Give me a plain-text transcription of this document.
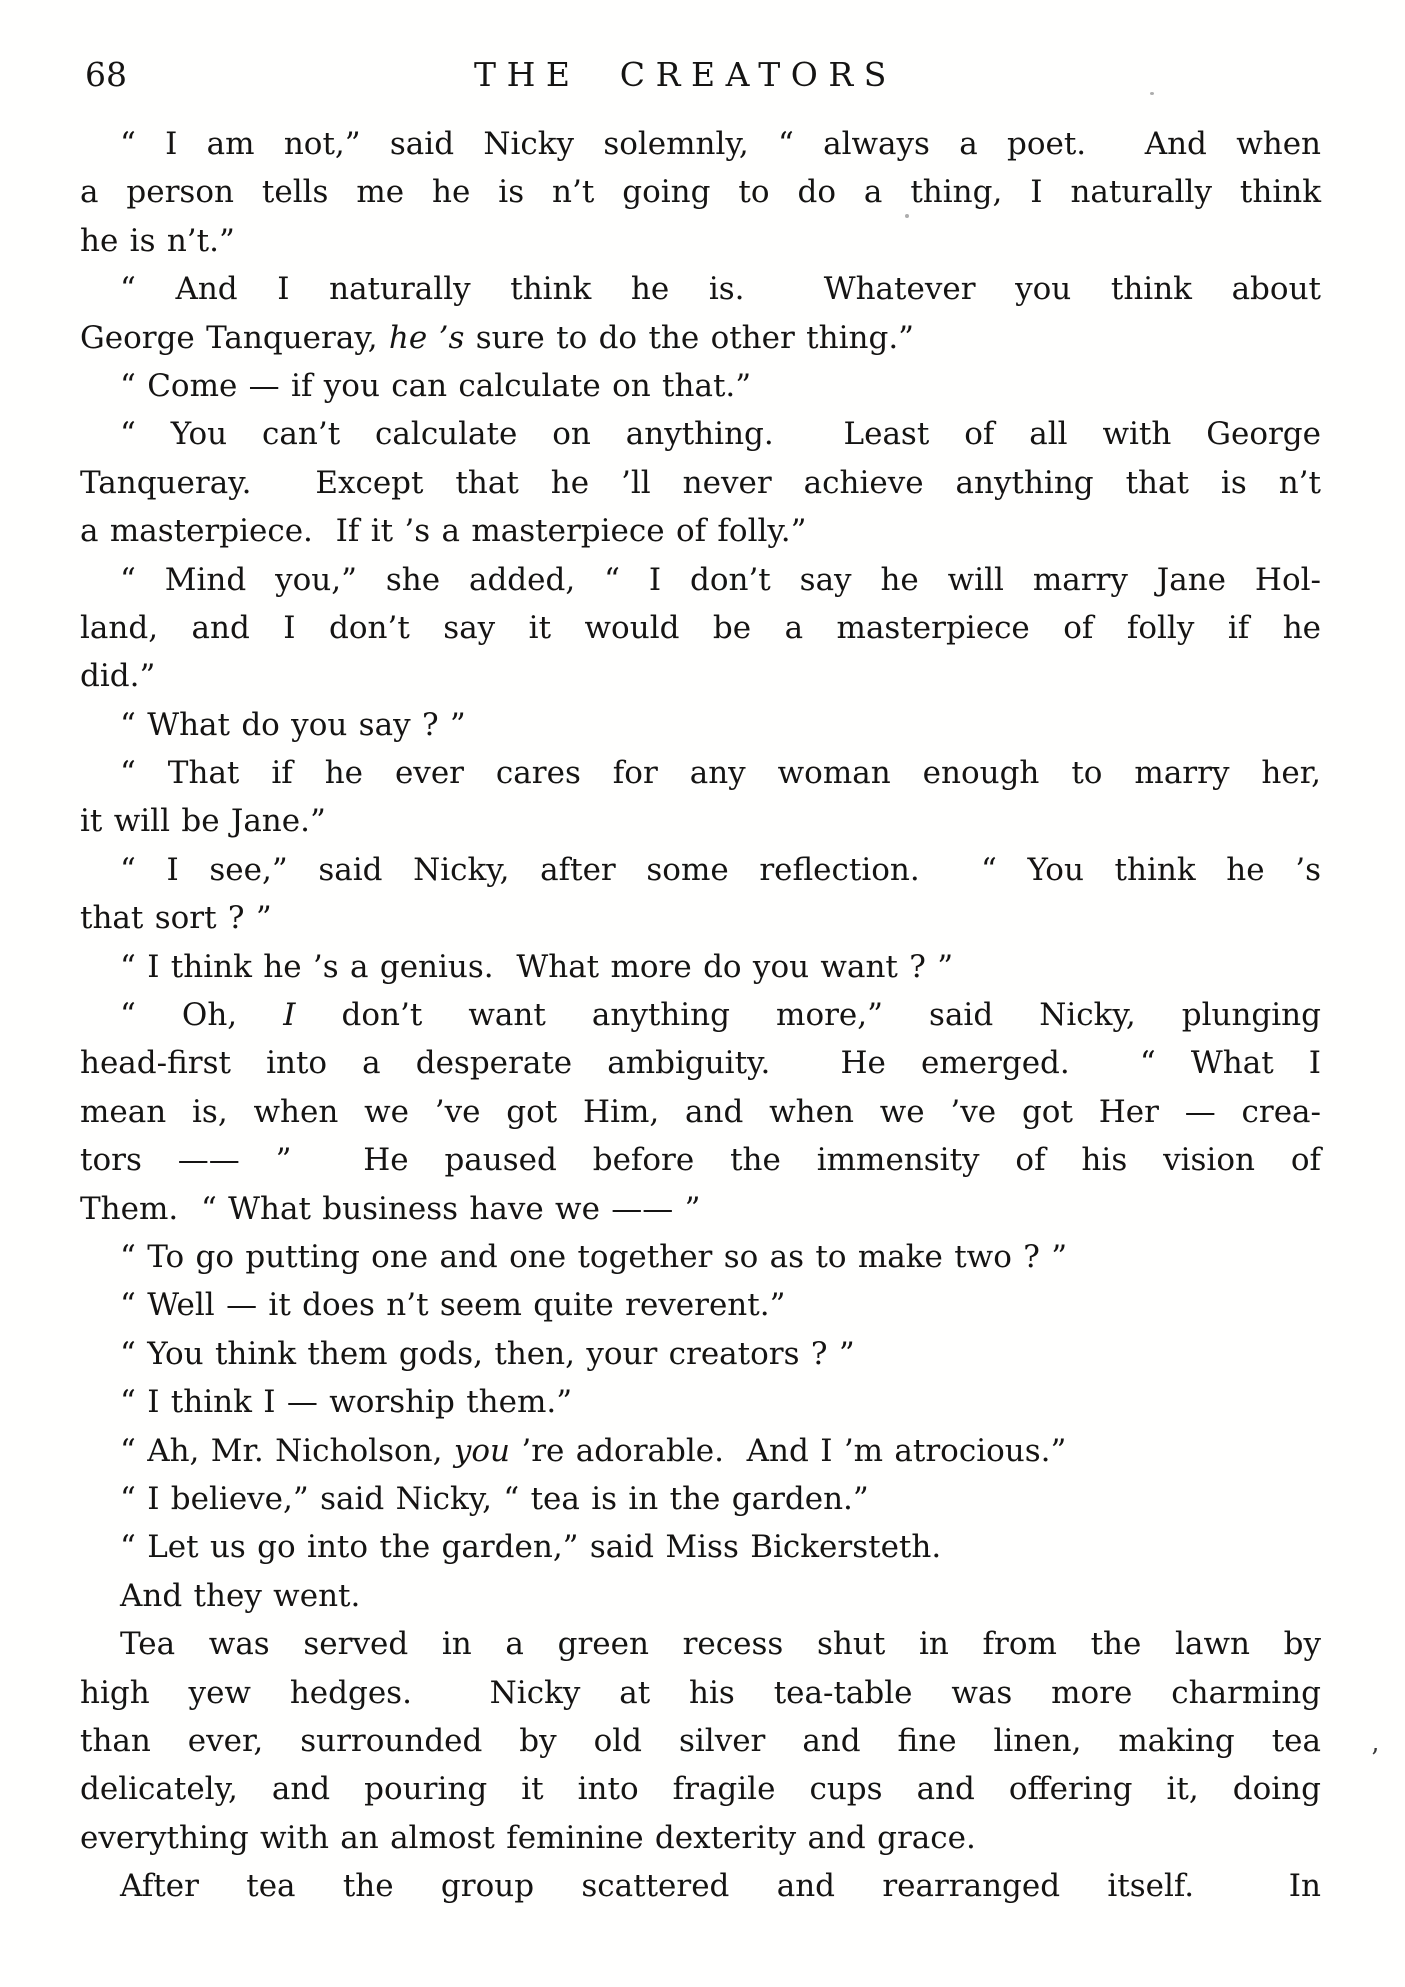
68	THE CREATORS
“ I am not,” said Nicky solemnly, “ always a poet.  And when
a person tells me he is n’t going to do a thing, I naturally think
he is n’t.”
“ And I naturally think he is.  Whatever you think about
George Tanqueray, he ’s sure to do the other thing.”
“ Come — if you can calculate on that.”
“ You can’t calculate on anything.  Least of all with George
Tanqueray.  Except that he ’ll never achieve anything that is n’t
a masterpiece.  If it ’s a masterpiece of folly.”
“ Mind you,” she added, “ I don’t say he will marry Jane Hol-
land, and I don’t say it would be a masterpiece of folly if he
did.”
“ What do you say ? ”
“ That if he ever cares for any woman enough to marry her,
it will be Jane.”
“ I see,” said Nicky, after some reflection.  “ You think he ’s
that sort ? ”
“ I think he ’s a genius.  What more do you want ? ”
“ Oh, I don’t want anything more,” said Nicky, plunging
head-first into a desperate ambiguity.  He emerged.  “ What I
mean is, when we ’ve got Him, and when we ’ve got Her — crea-
tors —— ”  He paused before the immensity of his vision of
Them.  “ What business have we —— ”
“ To go putting one and one together so as to make two ? ”
“ Well — it does n’t seem quite reverent.”
“ You think them gods, then, your creators ? ”
“ I think I — worship them.”
“ Ah, Mr. Nicholson, you ’re adorable.  And I ’m atrocious.”
“ I believe,” said Nicky, “ tea is in the garden.”
“ Let us go into the garden,” said Miss Bickersteth.
And they went.
Tea was served in a green recess shut in from the lawn by
high yew hedges.  Nicky at his tea-table was more charming
than ever, surrounded by old silver and fine linen, making tea
delicately, and pouring it into fragile cups and offering it, doing
everything with an almost feminine dexterity and grace.
After tea the group scattered and rearranged itself.  In
’
